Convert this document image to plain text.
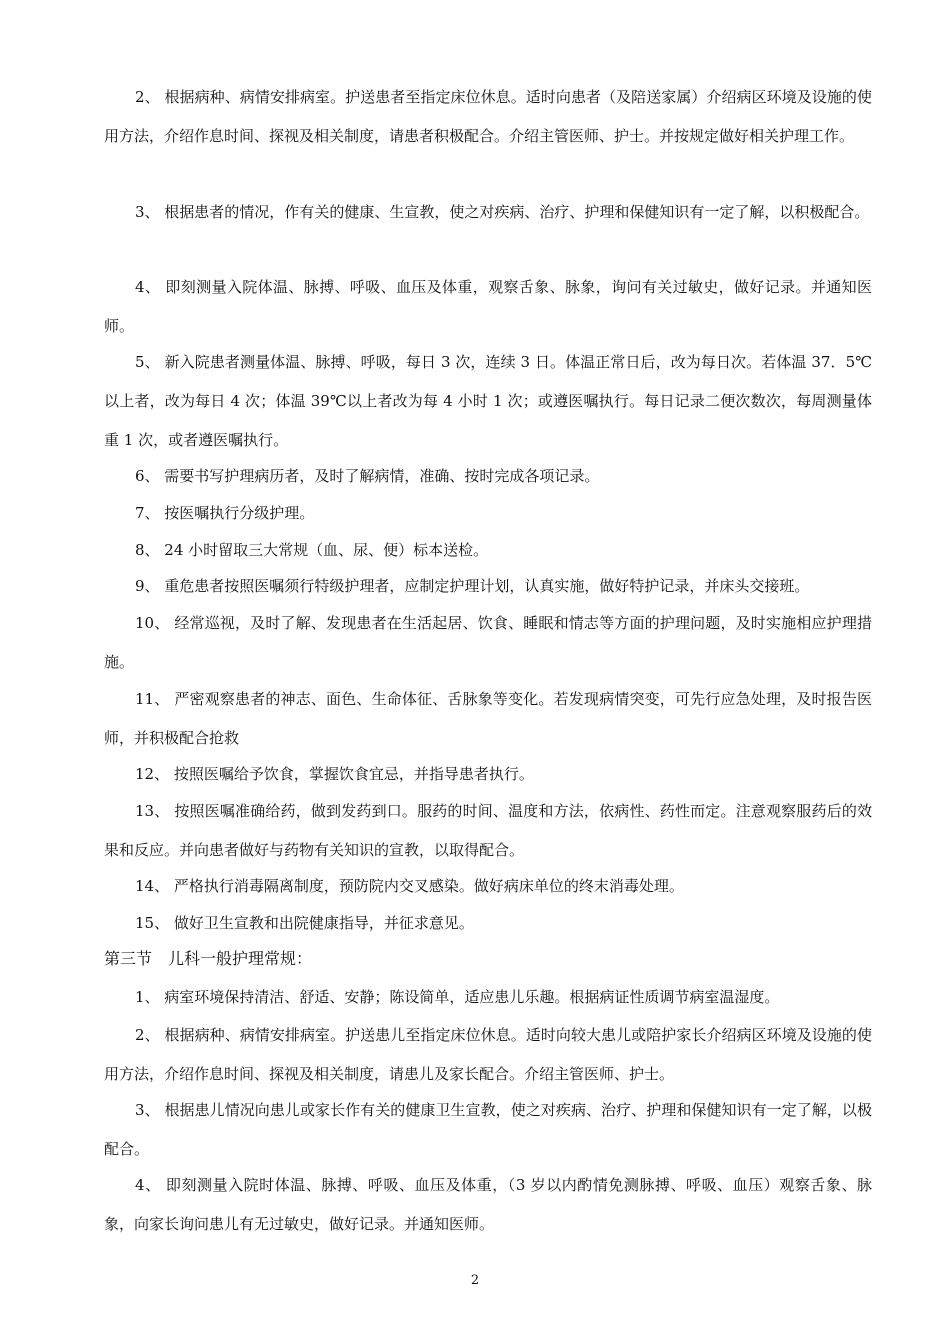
2、 根据病种、病情安排病室。护送患者至指定床位休息。适时向患者（及陪送家属）介绍病区环境及设施的使用方法，介绍作息时间、探视及相关制度，请患者积极配合。介绍主管医师、护士。并按规定做好相关护理工作。

3、 根据患者的情况，作有关的健康、生宣教，使之对疾病、治疗、护理和保健知识有一定了解，以积极配合。

4、 即刻测量入院体温、脉搏、呼吸、血压及体重，观察舌象、脉象，询问有关过敏史，做好记录。并通知医师。

5、 新入院患者测量体温、脉搏、呼吸，每日 3 次，连续 3 日。体温正常日后，改为每日次。若体温 37．5℃以上者，改为每日 4 次；体温 39℃以上者改为每 4 小时 1 次；或遵医嘱执行。每日记录二便次数次，每周测量体重 1 次，或者遵医嘱执行。

6、 需要书写护理病历者，及时了解病情，准确、按时完成各项记录。

7、 按医嘱执行分级护理。

8、 24 小时留取三大常规（血、尿、便）标本送检。

9、 重危患者按照医嘱须行特级护理者，应制定护理计划，认真实施，做好特护记录，并床头交接班。

10、 经常巡视，及时了解、发现患者在生活起居、饮食、睡眠和情志等方面的护理问题，及时实施相应护理措施。

11、 严密观察患者的神志、面色、生命体征、舌脉象等变化。若发现病情突变，可先行应急处理，及时报告医师，并积极配合抢救

12、 按照医嘱给予饮食，掌握饮食宜忌，并指导患者执行。

13、 按照医嘱准确给药，做到发药到口。服药的时间、温度和方法，依病性、药性而定。注意观察服药后的效果和反应。并向患者做好与药物有关知识的宣教，以取得配合。

14、 严格执行消毒隔离制度，预防院内交叉感染。做好病床单位的终末消毒处理。

15、 做好卫生宣教和出院健康指导，并征求意见。

第三节　儿科一般护理常规：

1、 病室环境保持清洁、舒适、安静；陈设简单，适应患儿乐趣。根据病证性质调节病室温湿度。

2、 根据病种、病情安排病室。护送患儿至指定床位休息。适时向较大患儿或陪护家长介绍病区环境及设施的使用方法，介绍作息时间、探视及相关制度，请患儿及家长配合。介绍主管医师、护士。

3、 根据患儿情况向患儿或家长作有关的健康卫生宣教，使之对疾病、治疗、护理和保健知识有一定了解，以极配合。

4、 即刻测量入院时体温、脉搏、呼吸、血压及体重，（3 岁以内酌情免测脉搏、呼吸、血压）观察舌象、脉象，向家长询问患儿有无过敏史，做好记录。并通知医师。

2
